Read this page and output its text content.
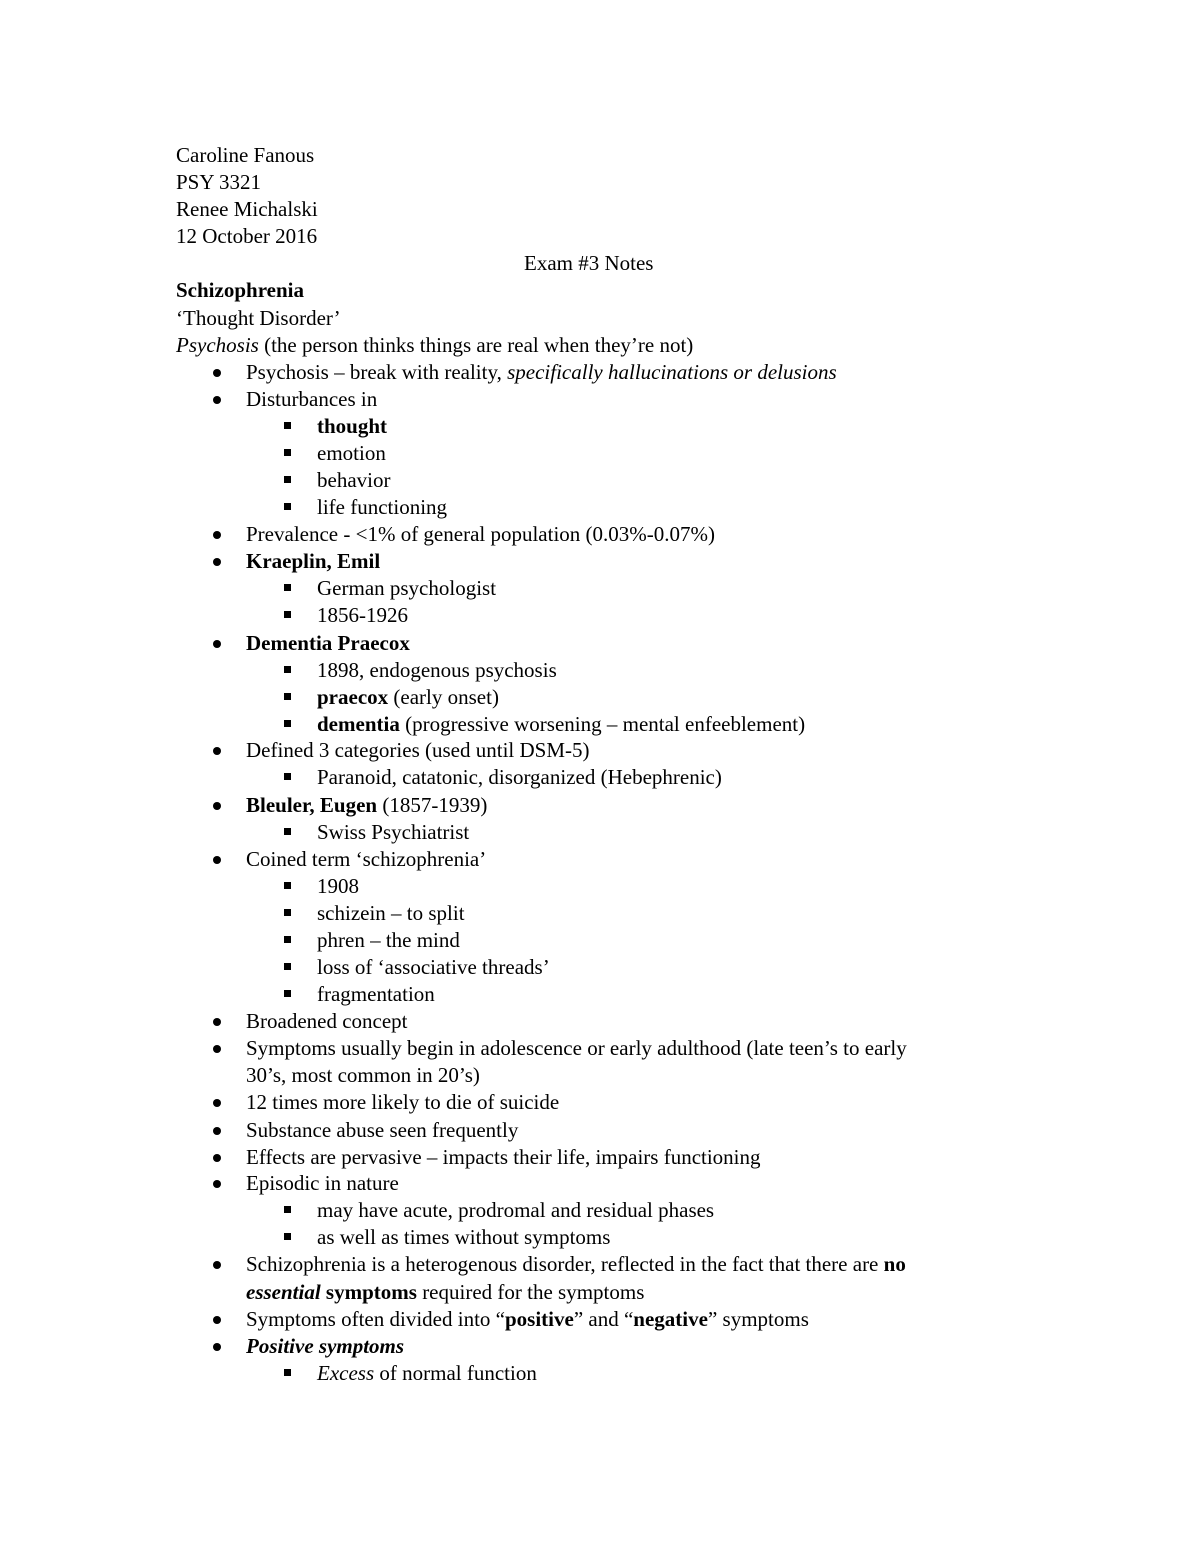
Caroline Fanous
PSY 3321
Renee Michalski
12 October 2016
Exam #3 Notes
Schizophrenia
‘Thought Disorder’
Psychosis (the person thinks things are real when they’re not)
Psychosis – break with reality, specifically hallucinations or delusions
Disturbances in
thought
emotion
behavior
life functioning
Prevalence - <1% of general population (0.03%-0.07%)
Kraeplin, Emil
German psychologist
1856-1926
Dementia Praecox
1898, endogenous psychosis
praecox (early onset)
dementia (progressive worsening – mental enfeeblement)
Defined 3 categories (used until DSM-5)
Paranoid, catatonic, disorganized (Hebephrenic)
Bleuler, Eugen (1857-1939)
Swiss Psychiatrist
Coined term ‘schizophrenia’
1908
schizein – to split
phren – the mind
loss of ‘associative threads’
fragmentation
Broadened concept
Symptoms usually begin in adolescence or early adulthood (late teen’s to early
30’s, most common in 20’s)
12 times more likely to die of suicide
Substance abuse seen frequently
Effects are pervasive – impacts their life, impairs functioning
Episodic in nature
may have acute, prodromal and residual phases
as well as times without symptoms
Schizophrenia is a heterogenous disorder, reflected in the fact that there are no
essential symptoms required for the symptoms
Symptoms often divided into “positive” and “negative” symptoms
Positive symptoms
Excess of normal function
